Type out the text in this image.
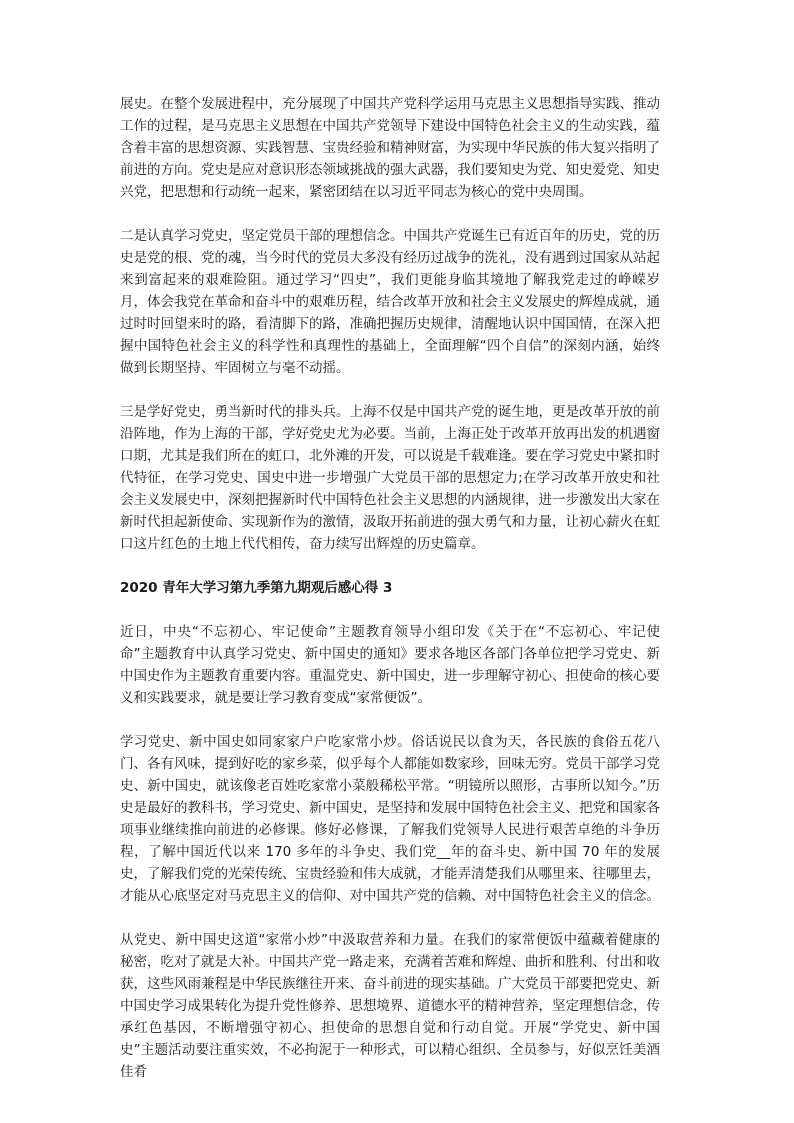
展史。在整个发展进程中，充分展现了中国共产党科学运用马克思主义思想指导实践、推动工作的过程，是马克思主义思想在中国共产党领导下建设中国特色社会主义的生动实践，蕴含着丰富的思想资源、实践智慧、宝贵经验和精神财富，为实现中华民族的伟大复兴指明了前进的方向。党史是应对意识形态领域挑战的强大武器，我们要知史为党、知史爱党、知史兴党，把思想和行动统一起来，紧密团结在以习近平同志为核心的党中央周围。

二是认真学习党史，坚定党员干部的理想信念。中国共产党诞生已有近百年的历史，党的历史是党的根、党的魂，当今时代的党员大多没有经历过战争的洗礼，没有遇到过国家从站起来到富起来的艰难险阻。通过学习“四史”，我们更能身临其境地了解我党走过的峥嵘岁月，体会我党在革命和奋斗中的艰难历程，结合改革开放和社会主义发展史的辉煌成就，通过时时回望来时的路，看清脚下的路，准确把握历史规律，清醒地认识中国国情，在深入把握中国特色社会主义的科学性和真理性的基础上，全面理解“四个自信”的深刻内涵，始终做到长期坚持、牢固树立与毫不动摇。

三是学好党史，勇当新时代的排头兵。上海不仅是中国共产党的诞生地，更是改革开放的前沿阵地，作为上海的干部，学好党史尤为必要。当前，上海正处于改革开放再出发的机遇窗口期，尤其是我们所在的虹口，北外滩的开发，可以说是千载难逢。要在学习党史中紧扣时代特征，在学习党史、国史中进一步增强广大党员干部的思想定力;在学习改革开放史和社会主义发展史中，深刻把握新时代中国特色社会主义思想的内涵规律，进一步激发出大家在新时代担起新使命、实现新作为的激情，汲取开拓前进的强大勇气和力量，让初心薪火在虹口这片红色的土地上代代相传，奋力续写出辉煌的历史篇章。

2020 青年大学习第九季第九期观后感心得 3

近日，中央“不忘初心、牢记使命”主题教育领导小组印发《关于在“不忘初心、牢记使命”主题教育中认真学习党史、新中国史的通知》要求各地区各部门各单位把学习党史、新中国史作为主题教育重要内容。重温党史、新中国史，进一步理解守初心、担使命的核心要义和实践要求，就是要让学习教育变成“家常便饭”。

学习党史、新中国史如同家家户户吃家常小炒。俗话说民以食为天，各民族的食俗五花八门、各有风味，提到好吃的家乡菜，似乎每个人都能如数家珍，回味无穷。党员干部学习党史、新中国史，就该像老百姓吃家常小菜般稀松平常。“明镜所以照形，古事所以知今。”历史是最好的教科书，学习党史、新中国史，是坚持和发展中国特色社会主义、把党和国家各项事业继续推向前进的必修课。修好必修课，了解我们党领导人民进行艰苦卓绝的斗争历程，了解中国近代以来 170 多年的斗争史、我们党__年的奋斗史、新中国 70 年的发展史，了解我们党的光荣传统、宝贵经验和伟大成就，才能弄清楚我们从哪里来、往哪里去，才能从心底坚定对马克思主义的信仰、对中国共产党的信赖、对中国特色社会主义的信念。

从党史、新中国史这道“家常小炒”中汲取营养和力量。在我们的家常便饭中蕴藏着健康的秘密，吃对了就是大补。中国共产党一路走来，充满着苦难和辉煌、曲折和胜利、付出和收获，这些风雨兼程是中华民族继往开来、奋斗前进的现实基础。广大党员干部要把党史、新中国史学习成果转化为提升党性修养、思想境界、道德水平的精神营养，坚定理想信念，传承红色基因，不断增强守初心、担使命的思想自觉和行动自觉。开展“学党史、新中国史”主题活动要注重实效，不必拘泥于一种形式，可以精心组织、全员参与，好似烹饪美酒佳肴
